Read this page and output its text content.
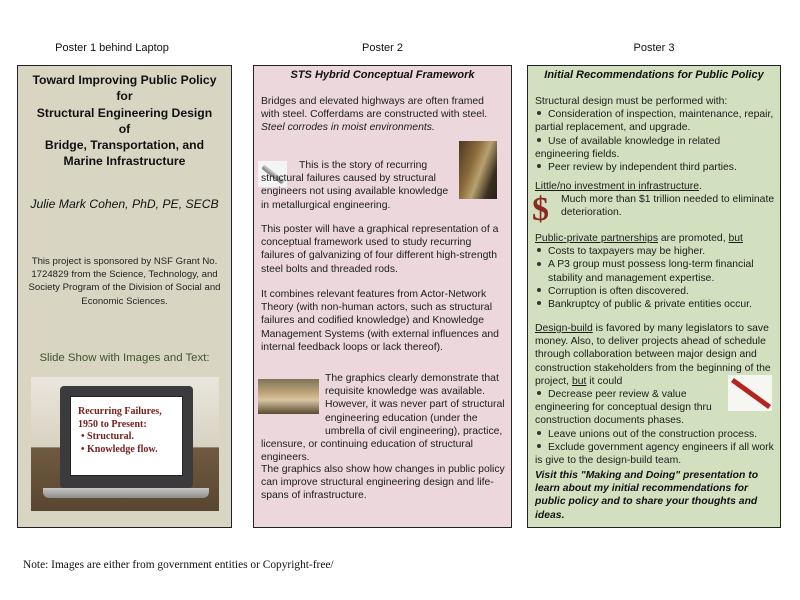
Poster 1 behind Laptop	Poster 2	Poster 3
Toward Improving Public Policy
for
Structural Engineering Design
of
Bridge, Transportation, and
Marine Infrastructure
Julie Mark Cohen, PhD, PE, SECB
This project is sponsored by NSF Grant No. 1724829 from the Science, Technology, and Society Program of the Division of Social and Economic Sciences.
Slide Show with Images and Text:
Recurring Failures,
1950 to Present:
• Structural.
• Knowledge flow.
STS Hybrid Conceptual Framework
Bridges and elevated highways are often framed with steel. Cofferdams are constructed with steel. Steel corrodes in moist environments.
This is the story of recurring structural failures caused by structural engineers not using available knowledge in metallurgical engineering.
This poster will have a graphical representation of a conceptual framework used to study recurring failures of galvanizing of four different high-strength steel bolts and threaded rods.
It combines relevant features from Actor-Network Theory (with non-human actors, such as structural failures and codified knowledge) and Knowledge Management Systems (with external influences and internal feedback loops or lack thereof).
The graphics clearly demonstrate that requisite knowledge was available. However, it was never part of structural engineering education (under the umbrella of civil engineering), practice, licensure, or continuing education of structural engineers.
The graphics also show how changes in public policy can improve structural engineering design and life-spans of infrastructure.
Initial Recommendations for Public Policy
Structural design must be performed with:
Consideration of inspection, maintenance, repair, partial replacement, and upgrade.
Use of available knowledge in related engineering fields.
Peer review by independent third parties.
Little/no investment in infrastructure.
$ Much more than $1 trillion needed to eliminate deterioration.
Public-private partnerships are promoted, but
Costs to taxpayers may be higher.
A P3 group must possess long-term financial stability and management expertise.
Corruption is often discovered.
Bankruptcy of public & private entities occur.
Design-build is favored by many legislators to save money. Also, to deliver projects ahead of schedule through collaboration between major design and construction stakeholders from the beginning of the project, but it could
Decrease peer review & value engineering for conceptual design thru construction documents phases.
Leave unions out of the construction process.
Exclude government agency engineers if all work is give to the design-build team.
Visit this "Making and Doing" presentation to learn about my initial recommendations for public policy and to share your thoughts and ideas.
Note: Images are either from government entities or Copyright-free/
